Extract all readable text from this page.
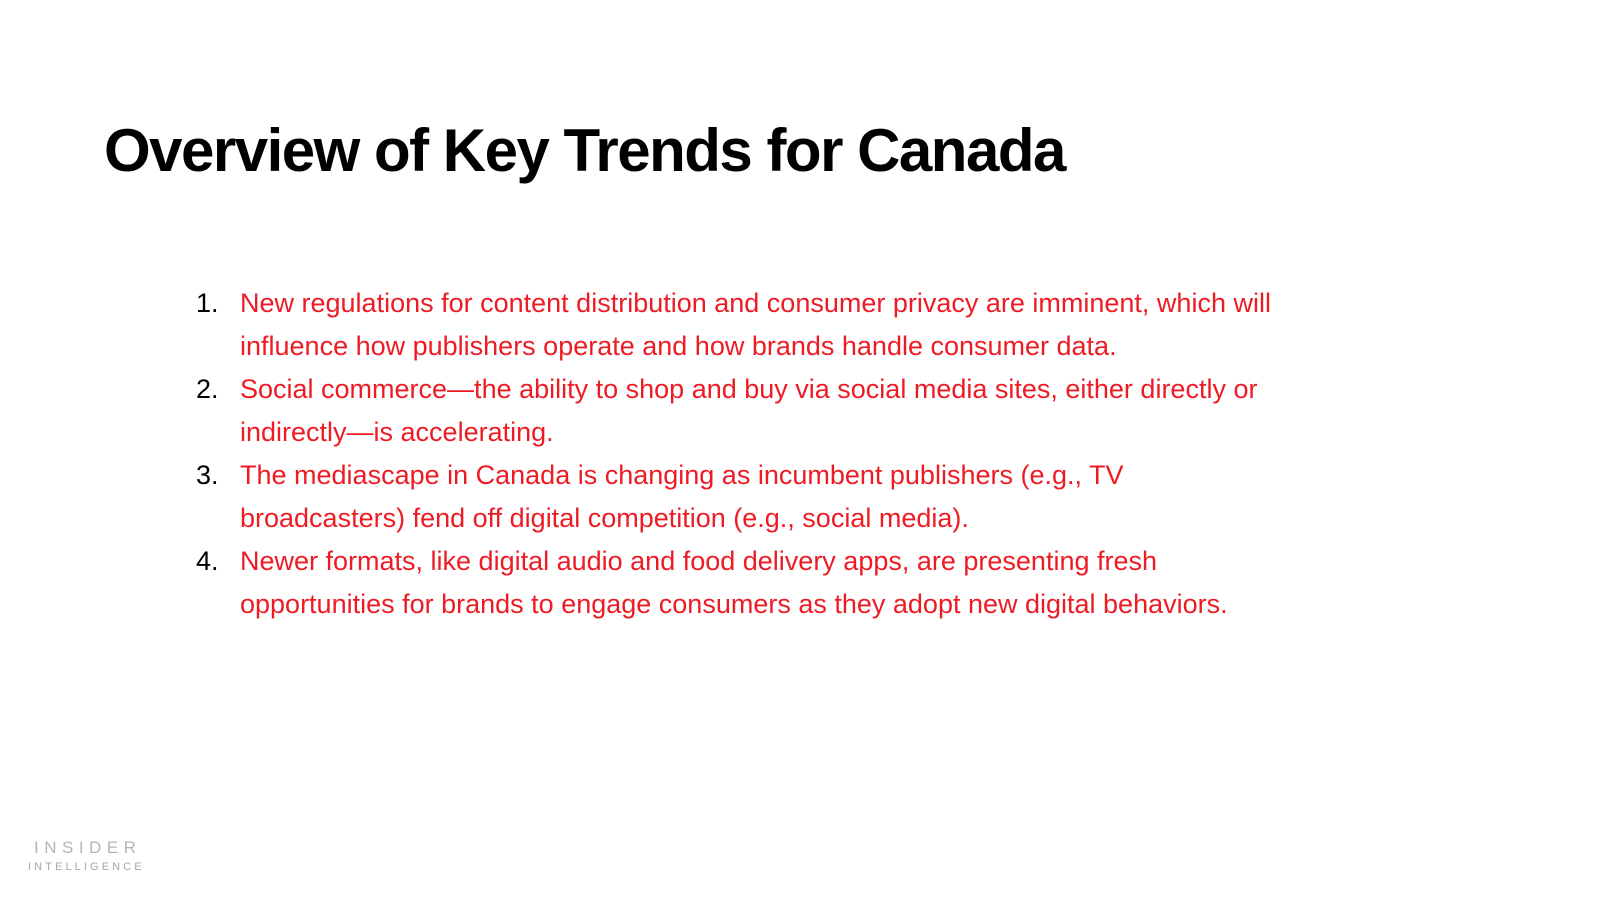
Overview of Key Trends for Canada
1. New regulations for content distribution and consumer privacy are imminent, which will influence how publishers operate and how brands handle consumer data.
2. Social commerce—the ability to shop and buy via social media sites, either directly or indirectly—is accelerating.
3. The mediascape in Canada is changing as incumbent publishers (e.g., TV broadcasters) fend off digital competition (e.g., social media).
4. Newer formats, like digital audio and food delivery apps, are presenting fresh opportunities for brands to engage consumers as they adopt new digital behaviors.
INSIDER
INTELLIGENCE
